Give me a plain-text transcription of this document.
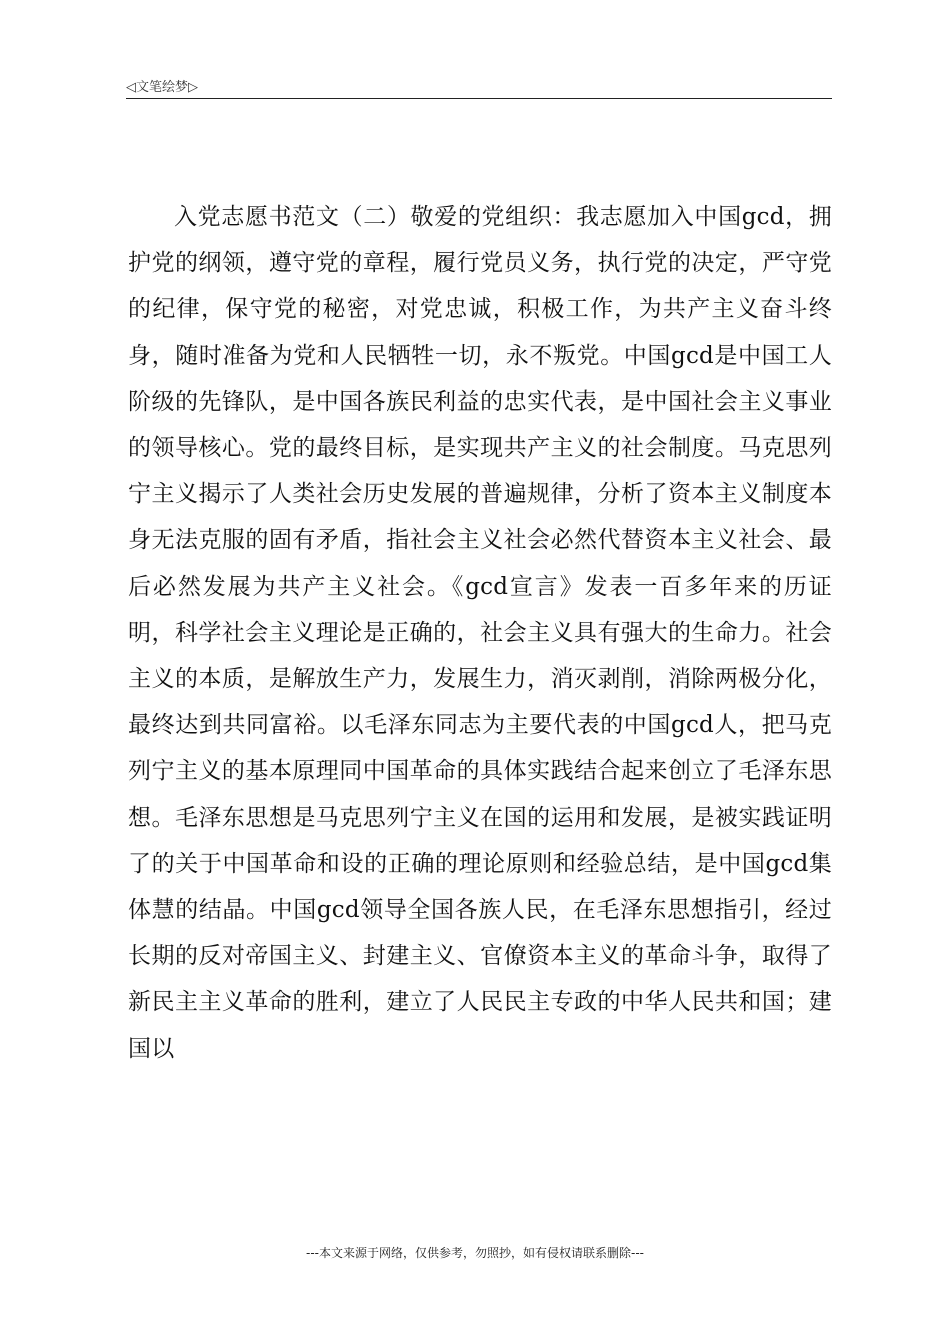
◁文笔绘梦▷

入党志愿书范文（二）敬爱的党组织：我志愿加入中国gcd，拥护党的纲领，遵守党的章程，履行党员义务，执行党的决定，严守党的纪律，保守党的秘密，对党忠诚，积极工作，为共产主义奋斗终身，随时准备为党和人民牺牲一切，永不叛党。中国gcd是中国工人阶级的先锋队，是中国各族民利益的忠实代表，是中国社会主义事业的领导核心。党的最终目标，是实现共产主义的社会制度。马克思列宁主义揭示了人类社会历史发展的普遍规律，分析了资本主义制度本身无法克服的固有矛盾，指社会主义社会必然代替资本主义社会、最后必然发展为共产主义社会。《gcd宣言》发表一百多年来的历证明，科学社会主义理论是正确的，社会主义具有强大的生命力。社会主义的本质，是解放生产力，发展生力，消灭剥削，消除两极分化，最终达到共同富裕。以毛泽东同志为主要代表的中国gcd人，把马克列宁主义的基本原理同中国革命的具体实践结合起来创立了毛泽东思想。毛泽东思想是马克思列宁主义在国的运用和发展，是被实践证明了的关于中国革命和设的正确的理论原则和经验总结，是中国gcd集体慧的结晶。中国gcd领导全国各族人民，在毛泽东思想指引，经过长期的反对帝国主义、封建主义、官僚资本主义的革命斗争，取得了新民主主义革命的胜利，建立了人民民主专政的中华人民共和国；建国以

---本文来源于网络，仅供参考，勿照抄，如有侵权请联系删除---
